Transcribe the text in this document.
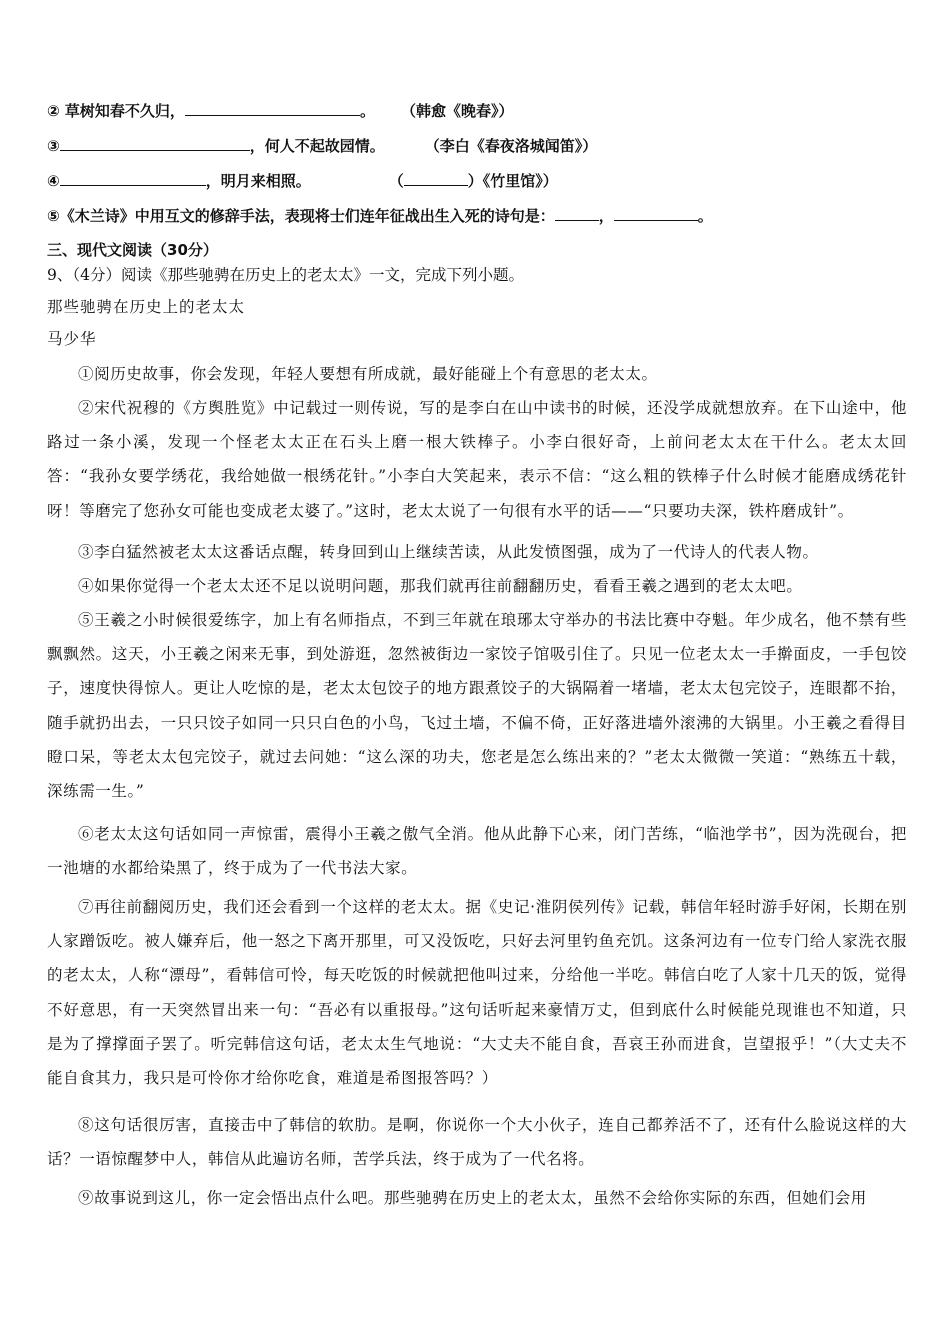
② 草树知春不久归，	。 （韩愈《晚春》）
③	，何人不起故园情。	（李白《春夜洛城闻笛》）
④	，明月来相照。	（	）《竹里馆》）
⑤《木兰诗》中用互文的修辞手法，表现将士们连年征战出生入死的诗句是：	，	。
三、现代文阅读（30分）
9、（4分）阅读《那些驰骋在历史上的老太太》一文，完成下列小题。
那些驰骋在历史上的老太太
马少华
①阅历史故事，你会发现，年轻人要想有所成就，最好能碰上个有意思的老太太。
②宋代祝穆的《方舆胜览》中记载过一则传说，写的是李白在山中读书的时候，还没学成就想放弃。在下山途中，他路过一条小溪，发现一个怪老太太正在石头上磨一根大铁棒子。小李白很好奇，上前问老太太在干什么。老太太回答：“我孙女要学绣花，我给她做一根绣花针。”小李白大笑起来，表示不信：“这么粗的铁棒子什么时候才能磨成绣花针呀！等磨完了您孙女可能也变成老太婆了。”这时，老太太说了一句很有水平的话——“只要功夫深，铁杵磨成针”。
③李白猛然被老太太这番话点醒，转身回到山上继续苦读，从此发愤图强，成为了一代诗人的代表人物。
④如果你觉得一个老太太还不足以说明问题，那我们就再往前翻翻历史，看看王羲之遇到的老太太吧。
⑤王羲之小时候很爱练字，加上有名师指点，不到三年就在琅琊太守举办的书法比赛中夺魁。年少成名，他不禁有些飘飘然。这天，小王羲之闲来无事，到处游逛，忽然被街边一家饺子馆吸引住了。只见一位老太太一手擀面皮，一手包饺子，速度快得惊人。更让人吃惊的是，老太太包饺子的地方跟煮饺子的大锅隔着一堵墙，老太太包完饺子，连眼都不抬，随手就扔出去，一只只饺子如同一只只白色的小鸟，飞过土墙，不偏不倚，正好落进墙外滚沸的大锅里。小王羲之看得目瞪口呆，等老太太包完饺子，就过去问她：“这么深的功夫，您老是怎么练出来的？”老太太微微一笑道：“熟练五十载，深练需一生。”
⑥老太太这句话如同一声惊雷，震得小王羲之傲气全消。他从此静下心来，闭门苦练，“临池学书”，因为洗砚台，把一池塘的水都给染黑了，终于成为了一代书法大家。
⑦再往前翻阅历史，我们还会看到一个这样的老太太。据《史记·淮阴侯列传》记载，韩信年轻时游手好闲，长期在别人家蹭饭吃。被人嫌弃后，他一怒之下离开那里，可又没饭吃，只好去河里钓鱼充饥。这条河边有一位专门给人家洗衣服的老太太，人称“漂母”，看韩信可怜，每天吃饭的时候就把他叫过来，分给他一半吃。韩信白吃了人家十几天的饭，觉得不好意思，有一天突然冒出来一句：“吾必有以重报母。”这句话听起来豪情万丈，但到底什么时候能兑现谁也不知道，只是为了撑撑面子罢了。听完韩信这句话，老太太生气地说：“大丈夫不能自食，吾哀王孙而进食，岂望报乎！”（大丈夫不能自食其力，我只是可怜你才给你吃食，难道是希图报答吗？）
⑧这句话很厉害，直接击中了韩信的软肋。是啊，你说你一个大小伙子，连自己都养活不了，还有什么脸说这样的大话？一语惊醒梦中人，韩信从此遍访名师，苦学兵法，终于成为了一代名将。
⑨故事说到这儿，你一定会悟出点什么吧。那些驰骋在历史上的老太太，虽然不会给你实际的东西，但她们会用
